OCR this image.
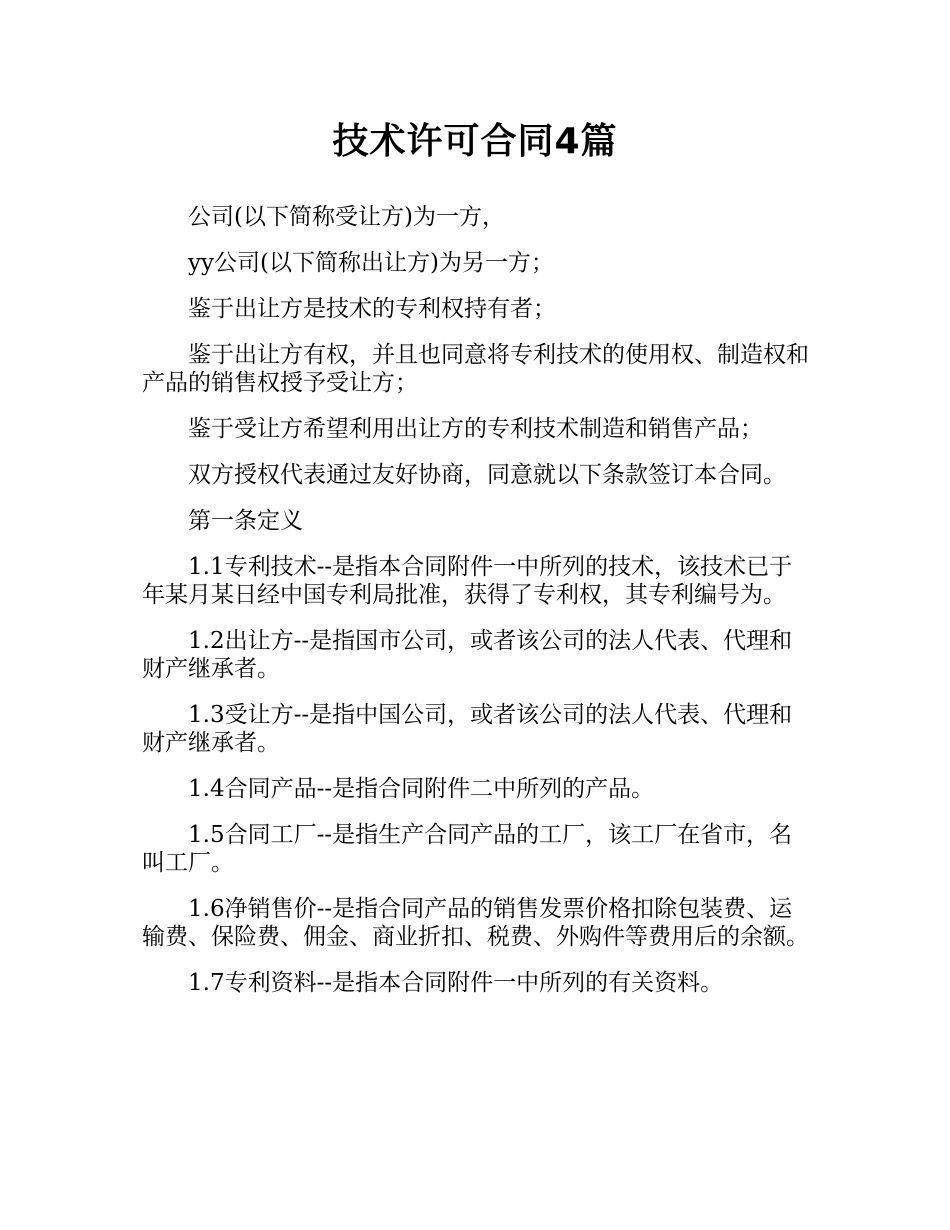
技术许可合同4篇

公司(以下简称受让方)为一方，

yy公司(以下简称出让方)为另一方；

鉴于出让方是技术的专利权持有者；

鉴于出让方有权，并且也同意将专利技术的使用权、制造权和产品的销售权授予受让方；

鉴于受让方希望利用出让方的专利技术制造和销售产品；

双方授权代表通过友好协商，同意就以下条款签订本合同。

第一条定义

1.1专利技术--是指本合同附件一中所列的技术，该技术已于年某月某日经中国专利局批准，获得了专利权，其专利编号为。

1.2出让方--是指国市公司，或者该公司的法人代表、代理和财产继承者。

1.3受让方--是指中国公司，或者该公司的法人代表、代理和财产继承者。

1.4合同产品--是指合同附件二中所列的产品。

1.5合同工厂--是指生产合同产品的工厂，该工厂在省市，名叫工厂。

1.6净销售价--是指合同产品的销售发票价格扣除包装费、运输费、保险费、佣金、商业折扣、税费、外购件等费用后的余额。

1.7专利资料--是指本合同附件一中所列的有关资料。
